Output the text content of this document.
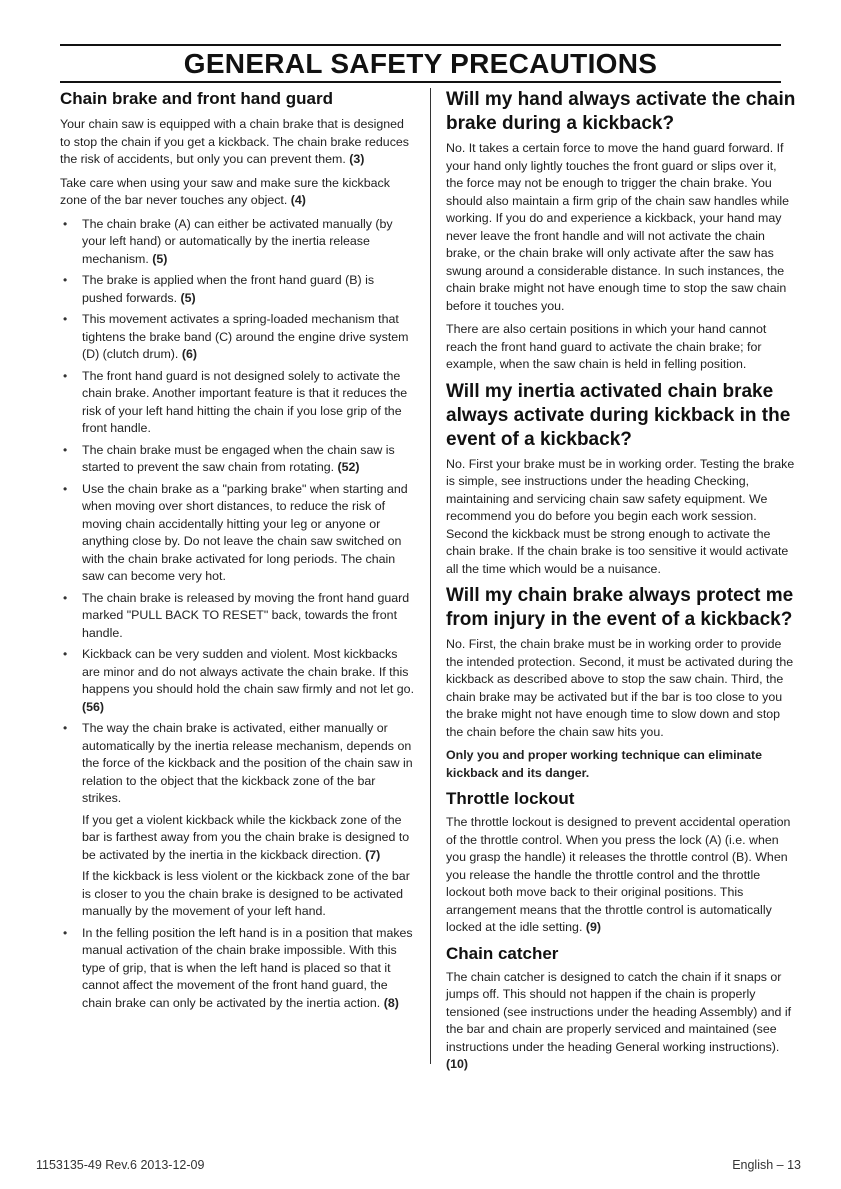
GENERAL SAFETY PRECAUTIONS
Chain brake and front hand guard

Your chain saw is equipped with a chain brake that is designed to stop the chain if you get a kickback. The chain brake reduces the risk of accidents, but only you can prevent them. (3)

Take care when using your saw and make sure the kickback zone of the bar never touches any object. (4)

• The chain brake (A) can either be activated manually (by your left hand) or automatically by the inertia release mechanism. (5)

• The brake is applied when the front hand guard (B) is pushed forwards. (5)

• This movement activates a spring-loaded mechanism that tightens the brake band (C) around the engine drive system (D) (clutch drum). (6)

• The front hand guard is not designed solely to activate the chain brake. Another important feature is that it reduces the risk of your left hand hitting the chain if you lose grip of the front handle.

• The chain brake must be engaged when the chain saw is started to prevent the saw chain from rotating. (52)

• Use the chain brake as a "parking brake" when starting and when moving over short distances, to reduce the risk of moving chain accidentally hitting your leg or anyone or anything close by. Do not leave the chain saw switched on with the chain brake activated for long periods. The chain saw can become very hot.

• The chain brake is released by moving the front hand guard marked "PULL BACK TO RESET" back, towards the front handle.

• Kickback can be very sudden and violent. Most kickbacks are minor and do not always activate the chain brake. If this happens you should hold the chain saw firmly and not let go. (56)

• The way the chain brake is activated, either manually or automatically by the inertia release mechanism, depends on the force of the kickback and the position of the chain saw in relation to the object that the kickback zone of the bar strikes.

If you get a violent kickback while the kickback zone of the bar is farthest away from you the chain brake is designed to be activated by the inertia in the kickback direction. (7)

If the kickback is less violent or the kickback zone of the bar is closer to you the chain brake is designed to be activated manually by the movement of your left hand.

• In the felling position the left hand is in a position that makes manual activation of the chain brake impossible. With this type of grip, that is when the left hand is placed so that it cannot affect the movement of the front hand guard, the chain brake can only be activated by the inertia action. (8)

Will my hand always activate the chain brake during a kickback?

No. It takes a certain force to move the hand guard forward. If your hand only lightly touches the front guard or slips over it, the force may not be enough to trigger the chain brake. You should also maintain a firm grip of the chain saw handles while working. If you do and experience a kickback, your hand may never leave the front handle and will not activate the chain brake, or the chain brake will only activate after the saw has swung around a considerable distance. In such instances, the chain brake might not have enough time to stop the saw chain before it touches you.

There are also certain positions in which your hand cannot reach the front hand guard to activate the chain brake; for example, when the saw chain is held in felling position.

Will my inertia activated chain brake always activate during kickback in the event of a kickback?

No. First your brake must be in working order. Testing the brake is simple, see instructions under the heading Checking, maintaining and servicing chain saw safety equipment. We recommend you do before you begin each work session. Second the kickback must be strong enough to activate the chain brake. If the chain brake is too sensitive it would activate all the time which would be a nuisance.

Will my chain brake always protect me from injury in the event of a kickback?

No. First, the chain brake must be in working order to provide the intended protection. Second, it must be activated during the kickback as described above to stop the saw chain. Third, the chain brake may be activated but if the bar is too close to you the brake might not have enough time to slow down and stop the chain before the chain saw hits you.

Only you and proper working technique can eliminate kickback and its danger.

Throttle lockout

The throttle lockout is designed to prevent accidental operation of the throttle control. When you press the lock (A) (i.e. when you grasp the handle) it releases the throttle control (B). When you release the handle the throttle control and the throttle lockout both move back to their original positions. This arrangement means that the throttle control is automatically locked at the idle setting. (9)

Chain catcher

The chain catcher is designed to catch the chain if it snaps or jumps off. This should not happen if the chain is properly tensioned (see instructions under the heading Assembly) and if the bar and chain are properly serviced and maintained (see instructions under the heading General working instructions). (10)

1153135-49 Rev.6 2013-12-09	English – 13
